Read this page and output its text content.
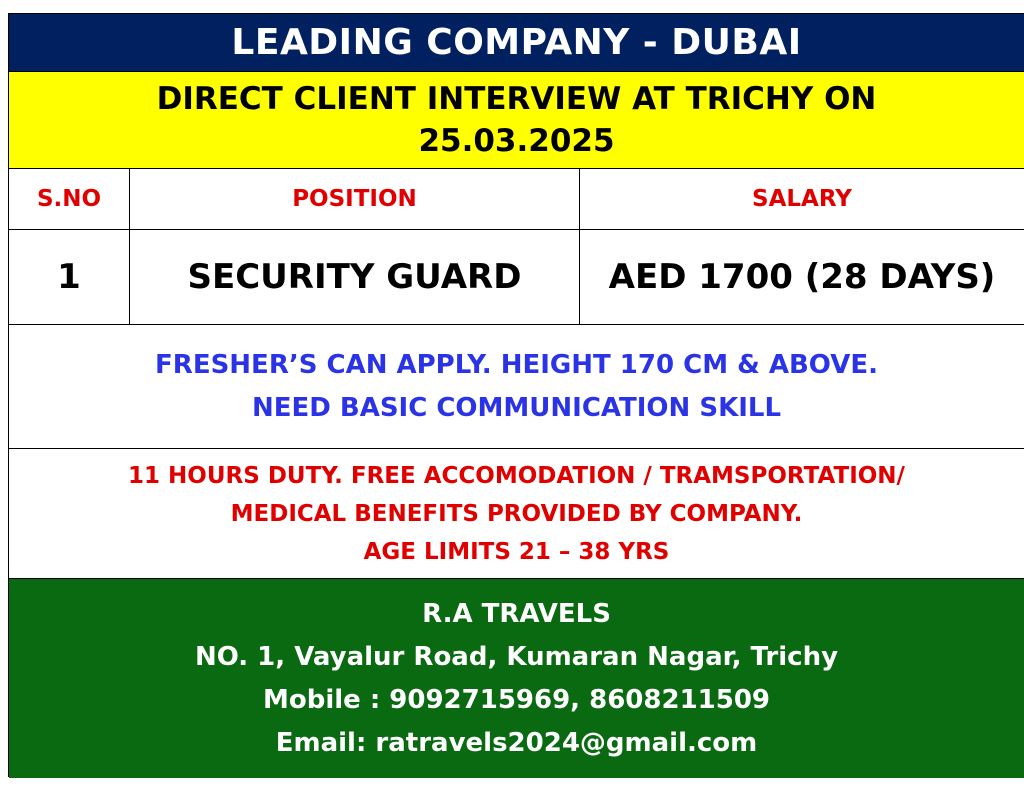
LEADING COMPANY - DUBAI
DIRECT CLIENT INTERVIEW AT TRICHY ON
25.03.2025
S.NO	POSITION	SALARY
1	SECURITY GUARD	AED 1700 (28 DAYS)
FRESHER’S CAN APPLY. HEIGHT 170 CM & ABOVE.
NEED BASIC COMMUNICATION SKILL
11 HOURS DUTY. FREE ACCOMODATION / TRAMSPORTATION/
MEDICAL BENEFITS PROVIDED BY COMPANY.
AGE LIMITS 21 – 38 YRS
R.A TRAVELS
NO. 1, Vayalur Road, Kumaran Nagar, Trichy
Mobile : 9092715969, 8608211509
Email: ratravels2024@gmail.com
